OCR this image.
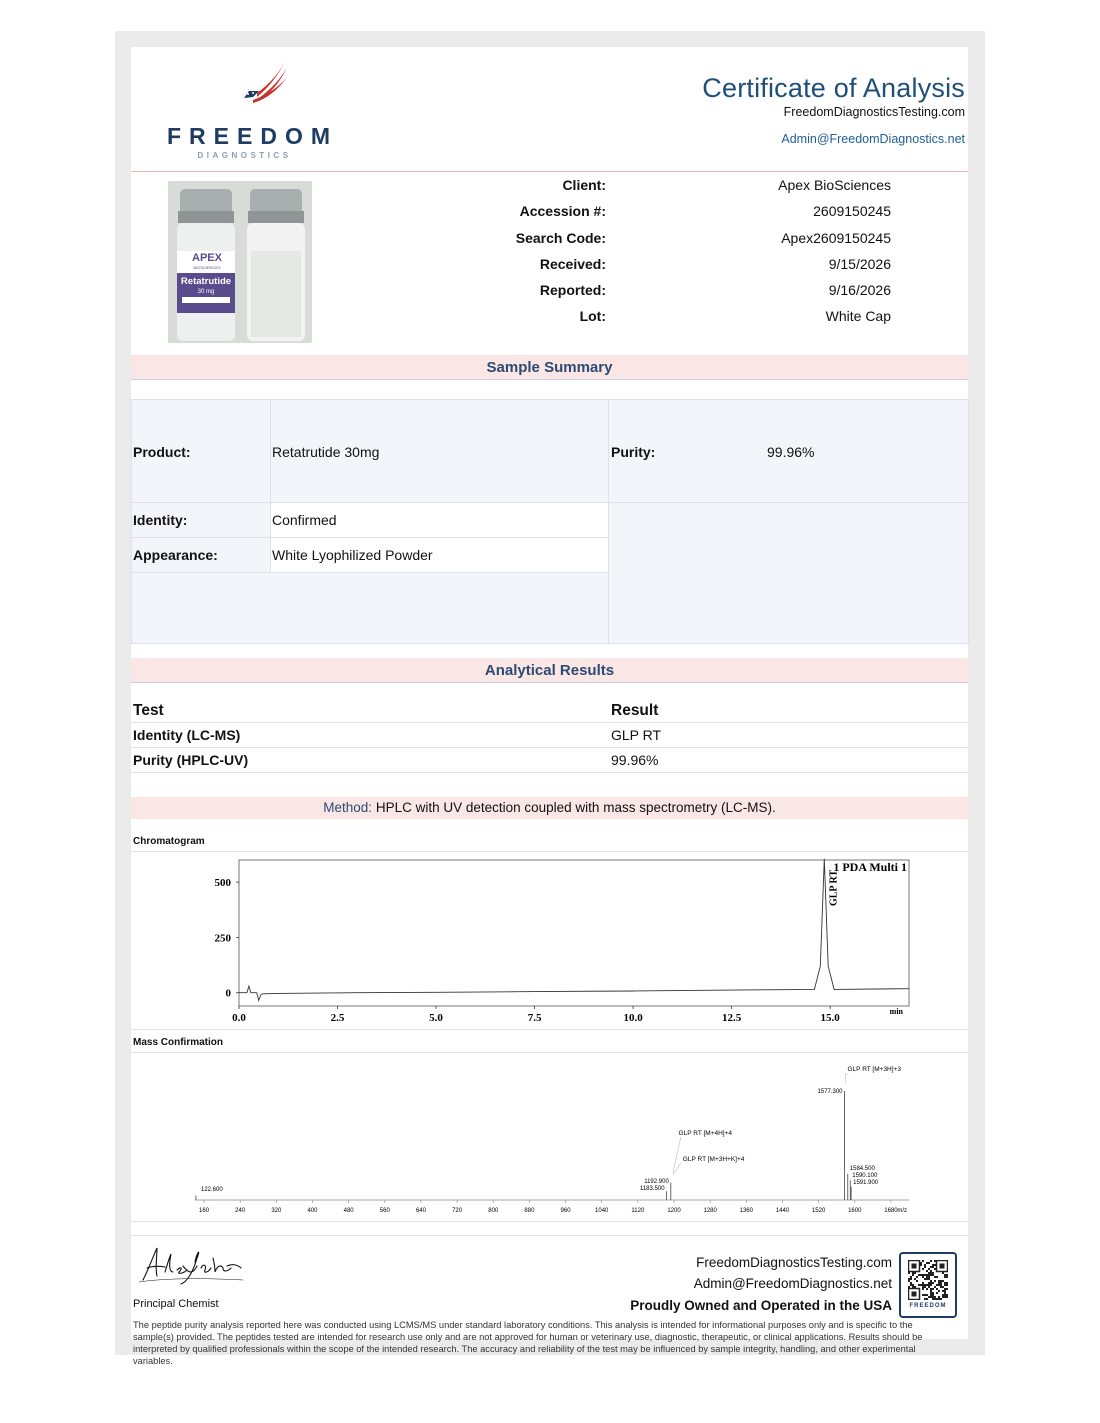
FREEDOM
DIAGNOSTICS
Certificate of Analysis
FreedomDiagnosticsTesting.com
Admin@FreedomDiagnostics.net
APEX
BIOSCIENCES
Retatrutide
30 mg
Client:	Apex BioSciences
Accession #:	2609150245
Search Code:	Apex2609150245
Received:	9/15/2026
Reported:	9/16/2026
Lot:	White Cap
Sample Summary
Product:	Retatrutide 30mg	Purity:	99.96%
Identity:	Confirmed
Appearance:	White Lyophilized Powder
Analytical Results
Test	Result
Identity (LC-MS)	GLP RT
Purity (HPLC-UV)	99.96%
Method: HPLC with UV detection coupled with mass spectrometry (LC-MS).
Chromatogram
0.0	2.5	5.0	7.5	10.0	12.5	15.0
0
250
500
min
1 PDA Multi 1
GLP RT
Mass Confirmation
160	240	320	400	480	560	640	720	800	880	960	1040	1120	1200	1280	1360	1440	1520	1600	1680 m/z
122.600
1192.900
1183.500
1577.300
1584.500
1590.100
1591.900
GLP RT [M+3H]+3
GLP RT [M+4H]+4
GLP RT [M+3H+K]+4
Principal Chemist
FreedomDiagnosticsTesting.com
Admin@FreedomDiagnostics.net
Proudly Owned and Operated in the USA	FREEDOM
The peptide purity analysis reported here was conducted using LCMS/MS under standard laboratory conditions. This analysis is intended for informational purposes only and is specific to the sample(s) provided. The peptides tested are intended for research use only and are not approved for human or veterinary use, diagnostic, therapeutic, or clinical applications. Results should be interpreted by qualified professionals within the scope of the intended research. The accuracy and reliability of the test may be influenced by sample integrity, handling, and other experimental variables.
